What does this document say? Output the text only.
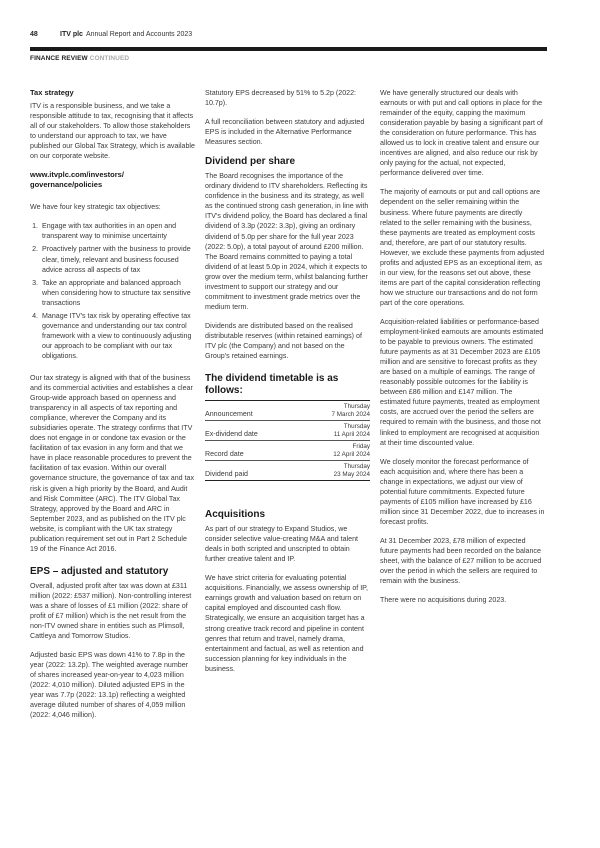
48	ITV plc Annual Report and Accounts 2023
FINANCE REVIEW CONTINUED
Tax strategy

ITV is a responsible business, and we take a responsible attitude to tax, recognising that it affects all of our stakeholders. To allow those stakeholders to understand our approach to tax, we have published our Global Tax Strategy, which is available on our corporate website.

www.itvplc.com/investors/ governance/policies

We have four key strategic tax objectives:

1. Engage with tax authorities in an open and transparent way to minimise uncertainty
2. Proactively partner with the business to provide clear, timely, relevant and business focused advice across all aspects of tax
3. Take an appropriate and balanced approach when considering how to structure tax sensitive transactions
4. Manage ITV's tax risk by operating effective tax governance and understanding our tax control framework with a view to continuously adjusting our approach to be compliant with our tax obligations.

Our tax strategy is aligned with that of the business and its commercial activities and establishes a clear Group-wide approach based on openness and transparency in all aspects of tax reporting and compliance, wherever the Company and its subsidiaries operate. The strategy confirms that ITV does not engage in or condone tax evasion or the facilitation of tax evasion in any form and that we have in place reasonable procedures to prevent the facilitation of tax evasion. Within our overall governance structure, the governance of tax and tax risk is given a high priority by the Board, and Audit and Risk Committee (ARC). The ITV Global Tax Strategy, approved by the Board and ARC in September 2023, and as published on the ITV plc website, is compliant with the UK tax strategy publication requirement set out in Part 2 Schedule 19 of the Finance Act 2016.

EPS – adjusted and statutory

Overall, adjusted profit after tax was down at £311 million (2022: £537 million). Non-controlling interest was a share of losses of £1 million (2022: share of profit of £7 million) which is the net result from the non-ITV owned share in entities such as Plimsoll, Cattleya and Tomorrow Studios.

Adjusted basic EPS was down 41% to 7.8p in the year (2022: 13.2p). The weighted average number of shares increased year-on-year to 4,023 million (2022: 4,010 million). Diluted adjusted EPS in the year was 7.7p (2022: 13.1p) reflecting a weighted average diluted number of shares of 4,059 million (2022: 4,046 million).

Statutory EPS decreased by 51% to 5.2p (2022: 10.7p).

A full reconciliation between statutory and adjusted EPS is included in the Alternative Performance Measures section.

Dividend per share

The Board recognises the importance of the ordinary dividend to ITV shareholders. Reflecting its confidence in the business and its strategy, as well as the continued strong cash generation, in line with ITV's dividend policy, the Board has declared a final dividend of 3.3p (2022: 3.3p), giving an ordinary dividend of 5.0p per share for the full year 2023 (2022: 5.0p), a total payout of around £200 million. The Board remains committed to paying a total dividend of at least 5.0p in 2024, which it expects to grow over the medium term, whilst balancing further investment to support our strategy and our commitment to investment grade metrics over the medium term.

Dividends are distributed based on the realised distributable reserves (within retained earnings) of ITV plc (the Company) and not based on the Group's retained earnings.

The dividend timetable is as follows:
Announcement
Thursday
7 March 2024
Ex-dividend date
Thursday
11 April 2024
Record date
Friday
12 April 2024
Dividend paid
Thursday
23 May 2024
Acquisitions

As part of our strategy to Expand Studios, we consider selective value-creating M&A and talent deals in both scripted and unscripted to obtain further creative talent and IP.

We have strict criteria for evaluating potential acquisitions. Financially, we assess ownership of IP, earnings growth and valuation based on return on capital employed and discounted cash flow. Strategically, we ensure an acquisition target has a strong creative track record and pipeline in content genres that return and travel, namely drama, entertainment and factual, as well as retention and succession planning for key individuals in the business.

We have generally structured our deals with earnouts or with put and call options in place for the remainder of the equity, capping the maximum consideration payable by basing a significant part of the consideration on future performance. This has allowed us to lock in creative talent and ensure our incentives are aligned, and also reduce our risk by only paying for the actual, not expected, performance delivered over time.

The majority of earnouts or put and call options are dependent on the seller remaining within the business. Where future payments are directly related to the seller remaining with the business, these payments are treated as employment costs and, therefore, are part of our statutory results. However, we exclude these payments from adjusted profits and adjusted EPS as an exceptional item, as in our view, for the reasons set out above, these items are part of the capital consideration reflecting how we structure our transactions and do not form part of the core operations.

Acquisition-related liabilities or performance-based employment-linked earnouts are amounts estimated to be payable to previous owners. The estimated future payments as at 31 December 2023 are £105 million and are sensitive to forecast profits as they are based on a multiple of earnings. The range of reasonably possible outcomes for the liability is between £86 million and £147 million. The estimated future payments, treated as employment costs, are accrued over the period the sellers are required to remain with the business, and those not linked to employment are recognised at acquisition at their time discounted value.

We closely monitor the forecast performance of each acquisition and, where there has been a change in expectations, we adjust our view of potential future commitments. Expected future payments of £105 million have increased by £16 million since 31 December 2022, due to increases in forecast profits.

At 31 December 2023, £78 million of expected future payments had been recorded on the balance sheet, with the balance of £27 million to be accrued over the period in which the sellers are required to remain with the business.

There were no acquisitions during 2023.
